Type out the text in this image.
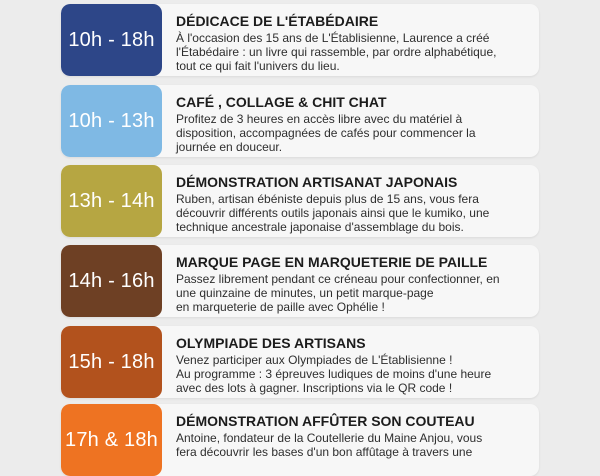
10h - 18h
DÉDICACE DE L'ÉTABÉDAIRE
À l'occasion des 15 ans de L'Établisienne, Laurence a créé
l'Étabédaire : un livre qui rassemble, par ordre alphabétique,
tout ce qui fait l'univers du lieu.
10h - 13h
CAFÉ , COLLAGE & CHIT CHAT
Profitez de 3 heures en accès libre avec du matériel à
disposition, accompagnées de cafés pour commencer la
journée en douceur.
13h - 14h
DÉMONSTRATION ARTISANAT JAPONAIS
Ruben, artisan ébéniste depuis plus de 15 ans, vous fera
découvrir différents outils japonais ainsi que le kumiko, une
technique ancestrale japonaise d'assemblage du bois.
14h - 16h
MARQUE PAGE EN MARQUETERIE DE PAILLE
Passez librement pendant ce créneau pour confectionner, en
une quinzaine de minutes, un petit marque-page
en marqueterie de paille avec Ophélie !
15h - 18h
OLYMPIADE DES ARTISANS
Venez participer aux Olympiades de L'Établisienne !
Au programme : 3 épreuves ludiques de moins d'une heure
avec des lots à gagner. Inscriptions via le QR code !
17h & 18h
DÉMONSTRATION AFFÛTER SON COUTEAU
Antoine, fondateur de la Coutellerie du Maine Anjou, vous
fera découvrir les bases d'un bon affûtage à travers une
